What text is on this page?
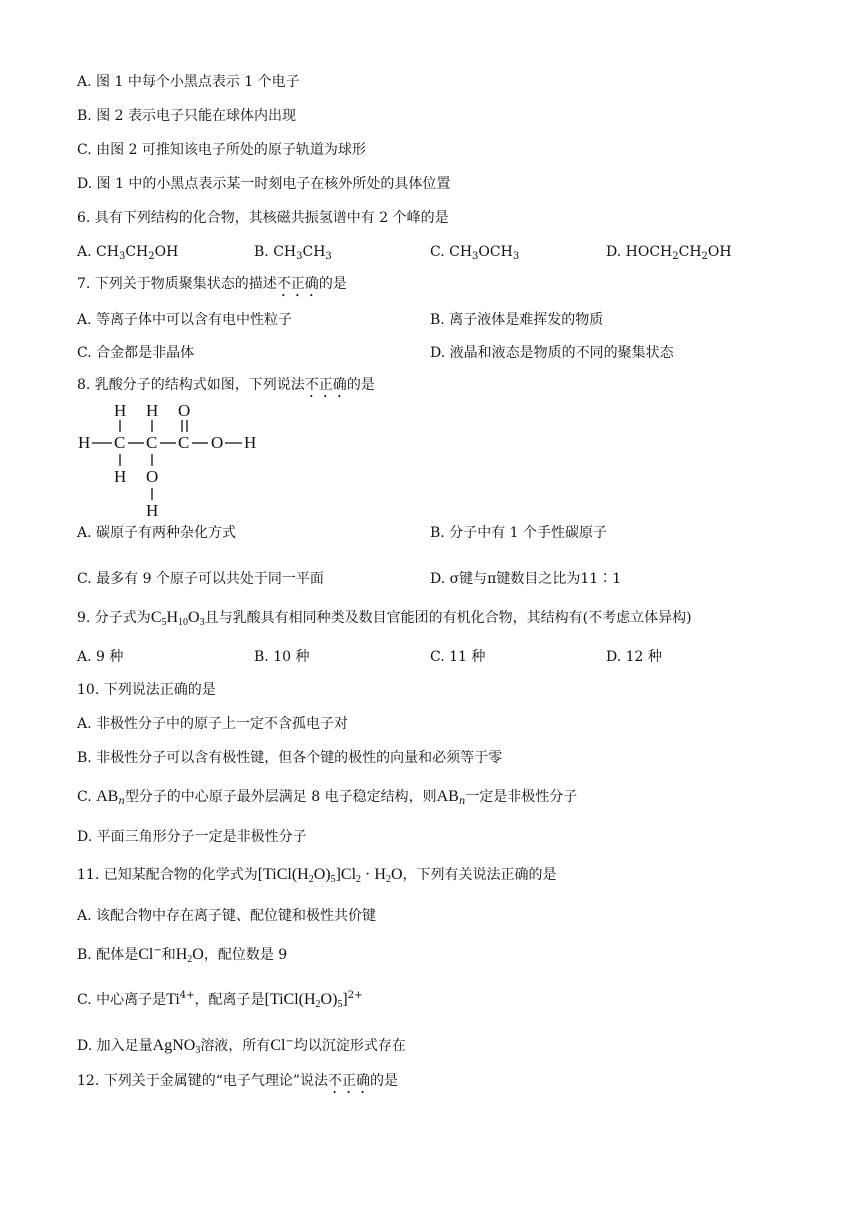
A. 图 1 中每个小黑点表示 1 个电子
B. 图 2 表示电子只能在球体内出现
C. 由图 2 可推知该电子所处的原子轨道为球形
D. 图 1 中的小黑点表示某一时刻电子在核外所处的具体位置
6. 具有下列结构的化合物，其核磁共振氢谱中有 2 个峰的是
A. $CH_3CH_2OH$	B. $CH_3CH_3$	C. $CH_3OCH_3$	D. $HOCH_2CH_2OH$
7. 下列关于物质聚集状态的描述不正确的是
A. 等离子体中可以含有电中性粒子	B. 离子液体是难挥发的物质
C. 合金都是非晶体	D. 液晶和液态是物质的不同的聚集状态
8. 乳酸分子的结构式如图，下列说法不正确的是
H H O
H C C C O H
H O
H
A. 碳原子有两种杂化方式	B. 分子中有 1 个手性碳原子
C. 最多有 9 个原子可以共处于同一平面	D. σ键与π键数目之比为11∶1
9. 分子式为$C_5H_{10}O_3$且与乳酸具有相同种类及数目官能团的有机化合物，其结构有(不考虑立体异构)
A. 9 种	B. 10 种	C. 11 种	D. 12 种
10. 下列说法正确的是
A. 非极性分子中的原子上一定不含孤电子对
B. 非极性分子可以含有极性键，但各个键的极性的向量和必须等于零
C. $AB_n$型分子的中心原子最外层满足 8 电子稳定结构，则$AB_n$一定是非极性分子
D. 平面三角形分子一定是非极性分子
11. 已知某配合物的化学式为$[TiCl(H_2O)_5]Cl_2 \cdot H_2O$，下列有关说法正确的是
A. 该配合物中存在离子键、配位键和极性共价键
B. 配体是Cl−和$H_2O$，配位数是 9
C. 中心离子是$Ti^{4+}$，配离子是$[TiCl(H_2O)_5]^{2+}$
D. 加入足量AgNO$_3$溶液，所有Cl−均以沉淀形式存在
12. 下列关于金属键的“电子气理论”说法不正确的是
